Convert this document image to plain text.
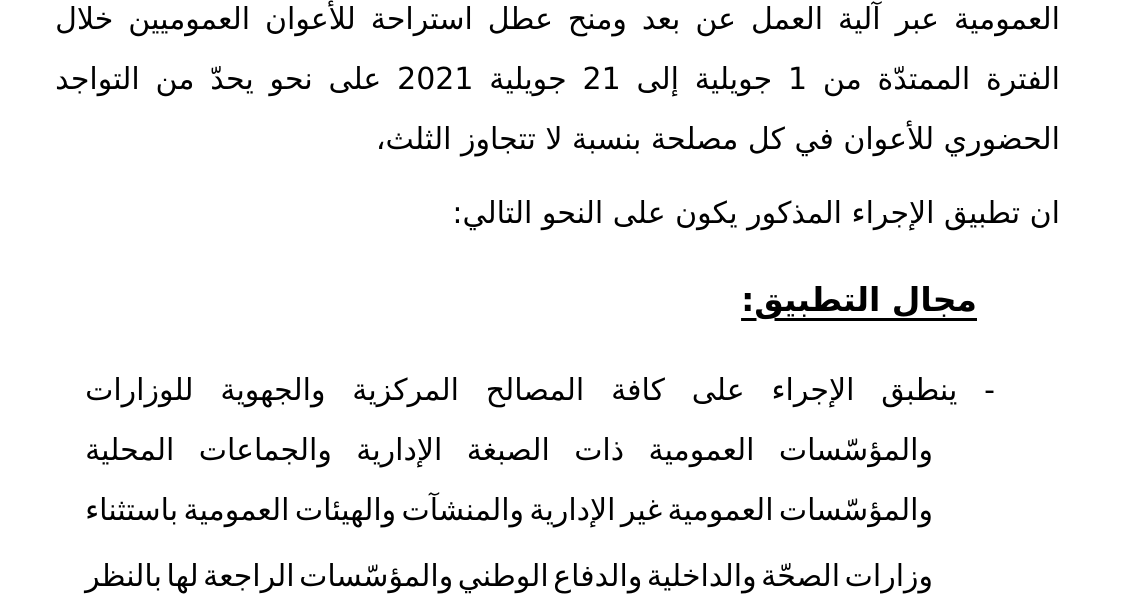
العمومية
عبر
آلية
العمل
عن
بعد
ومنح
عطل
استراحة
للأعوان
العموميين
خلال
الفترة
الممتدّة
من
1
جويلية
إلى
21
جويلية
2021
على
نحو
يحدّ
من
التواجد
الحضوري للأعوان في كل مصلحة بنسبة لا تتجاوز الثلث،
ان تطبيق الإجراء المذكور يكون على النحو التالي:
مجال التطبيق:
-
ينطبق
الإجراء
على
كافة
المصالح
المركزية
والجهوية
للوزارات
والمؤسّسات
العمومية
ذات
الصبغة
الإدارية
والجماعات
المحلية
والمؤسّسات
العمومية
غير
الإدارية
والمنشآت
والهيئات
العمومية
باستثناء
وزارات
الصحّة
والداخلية
والدفاع
الوطني
والمؤسّسات
الراجعة
لها
بالنظر
